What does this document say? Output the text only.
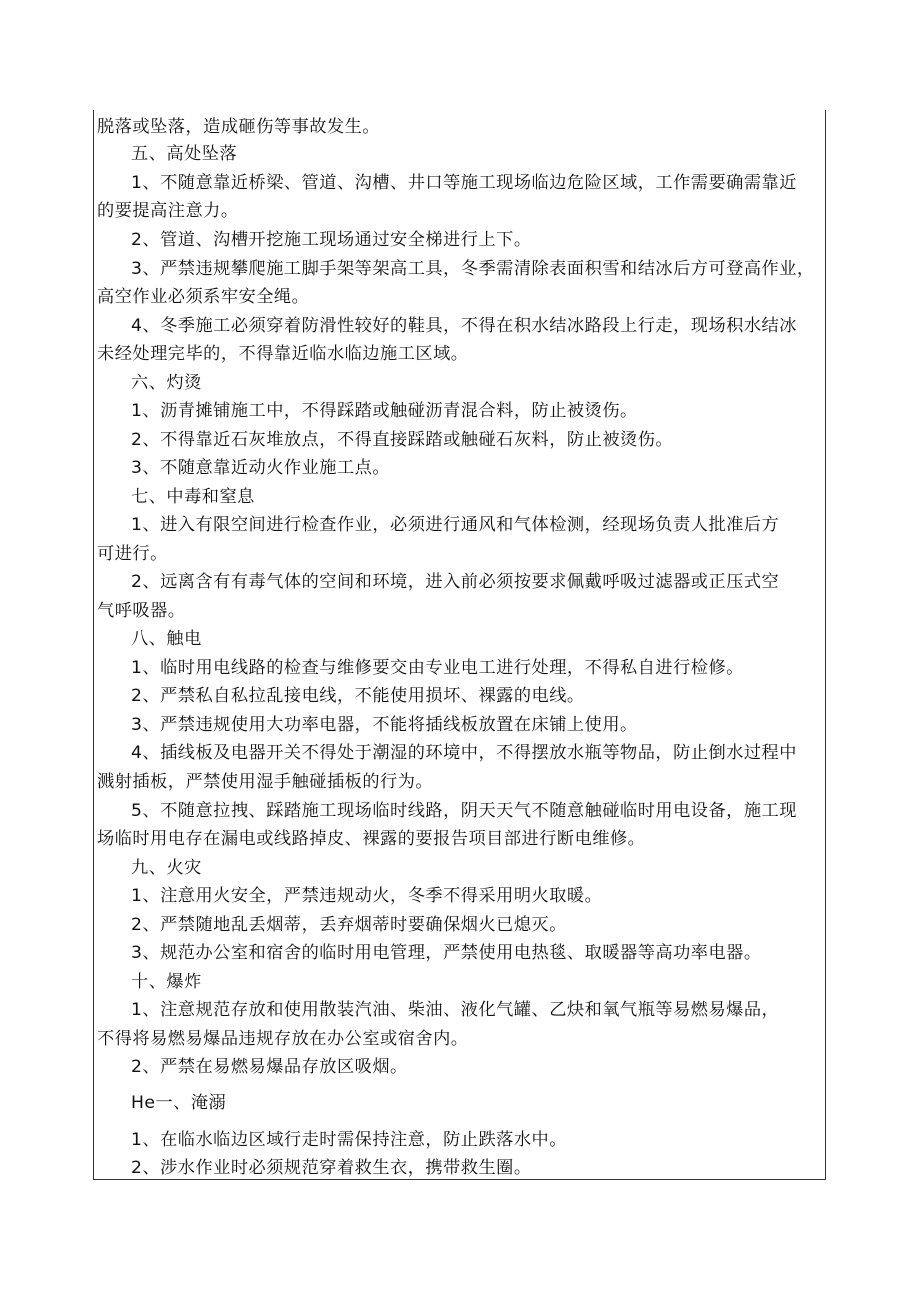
脱落或坠落，造成砸伤等事故发生。
五、高处坠落
1、不随意靠近桥梁、管道、沟槽、井口等施工现场临边危险区域，工作需要确需靠近
的要提高注意力。
2、管道、沟槽开挖施工现场通过安全梯进行上下。
3、严禁违规攀爬施工脚手架等架高工具，冬季需清除表面积雪和结冰后方可登高作业，
高空作业必须系牢安全绳。
4、冬季施工必须穿着防滑性较好的鞋具，不得在积水结冰路段上行走，现场积水结冰
未经处理完毕的，不得靠近临水临边施工区域。
六、灼烫
1、沥青摊铺施工中，不得踩踏或触碰沥青混合料，防止被烫伤。
2、不得靠近石灰堆放点，不得直接踩踏或触碰石灰料，防止被烫伤。
3、不随意靠近动火作业施工点。
七、中毒和窒息
1、进入有限空间进行检查作业，必须进行通风和气体检测，经现场负责人批准后方
可进行。
2、远离含有有毒气体的空间和环境，进入前必须按要求佩戴呼吸过滤器或正压式空
气呼吸器。
八、触电
1、临时用电线路的检查与维修要交由专业电工进行处理，不得私自进行检修。
2、严禁私自私拉乱接电线，不能使用损坏、裸露的电线。
3、严禁违规使用大功率电器，不能将插线板放置在床铺上使用。
4、插线板及电器开关不得处于潮湿的环境中，不得摆放水瓶等物品，防止倒水过程中
溅射插板，严禁使用湿手触碰插板的行为。
5、不随意拉拽、踩踏施工现场临时线路，阴天天气不随意触碰临时用电设备，施工现
场临时用电存在漏电或线路掉皮、裸露的要报告项目部进行断电维修。
九、火灾
1、注意用火安全，严禁违规动火，冬季不得采用明火取暖。
2、严禁随地乱丢烟蒂，丢弃烟蒂时要确保烟火已熄灭。
3、规范办公室和宿舍的临时用电管理，严禁使用电热毯、取暖器等高功率电器。
十、爆炸
1、注意规范存放和使用散装汽油、柴油、液化气罐、乙炔和氧气瓶等易燃易爆品，
不得将易燃易爆品违规存放在办公室或宿舍内。
2、严禁在易燃易爆品存放区吸烟。
He一、淹溺
1、在临水临边区域行走时需保持注意，防止跌落水中。
2、涉水作业时必须规范穿着救生衣，携带救生圈。
